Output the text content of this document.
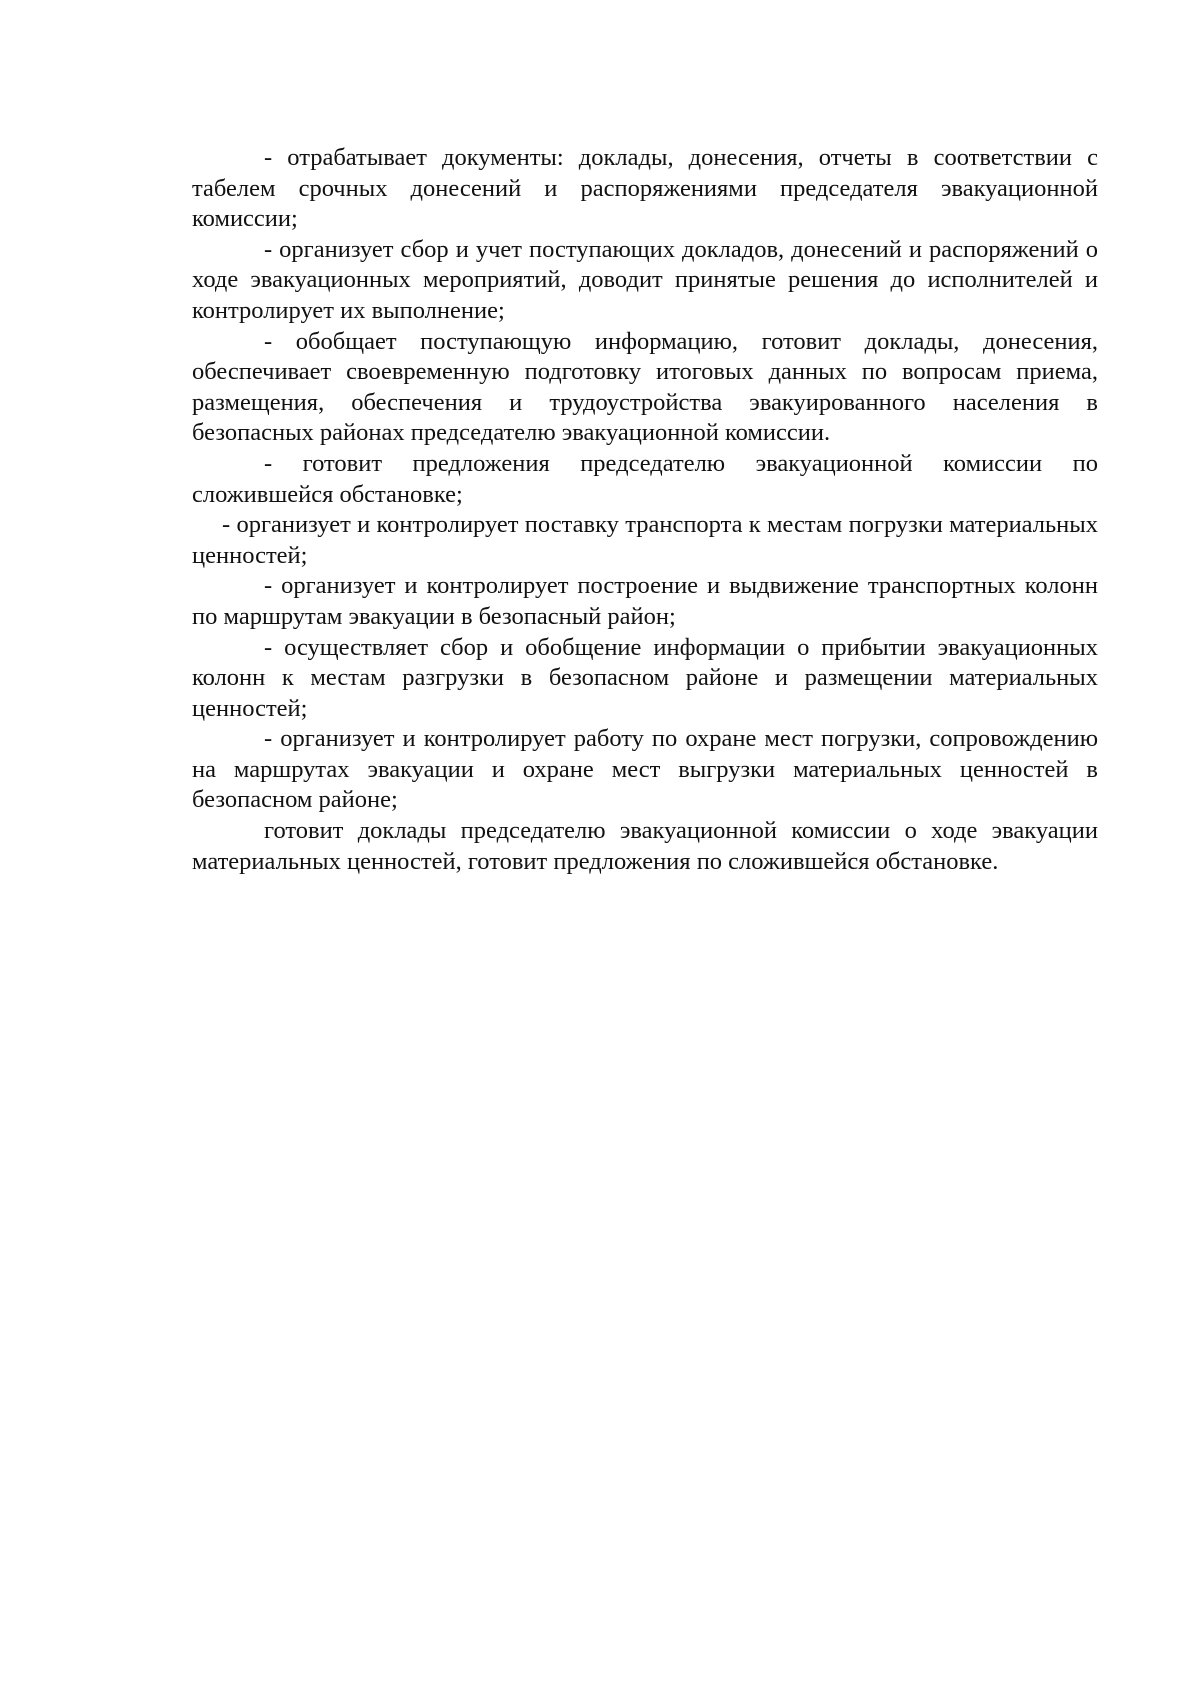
- отрабатывает документы: доклады, донесения, отчеты в соответствии с табелем срочных донесений и распоряжениями председателя эвакуационной комиссии;

- организует сбор и учет поступающих докладов, донесений и распоряжений о ходе эвакуационных мероприятий, доводит принятые решения до исполнителей и контролирует их выполнение;

- обобщает поступающую информацию, готовит доклады, донесения, обеспечивает своевременную подготовку итоговых данных по вопросам приема, размещения, обеспечения и трудоустройства эвакуированного населения в безопасных районах председателю эвакуационной комиссии.

- готовит предложения председателю эвакуационной комиссии по сложившейся обстановке;

- организует и контролирует поставку транспорта к местам погрузки материальных ценностей;

- организует и контролирует построение и выдвижение транспортных колонн по маршрутам эвакуации в безопасный район;

- осуществляет сбор и обобщение информации о прибытии эвакуационных колонн к местам разгрузки в безопасном районе и размещении материальных ценностей;

- организует и контролирует работу по охране мест погрузки, сопровождению на маршрутах эвакуации и охране мест выгрузки материальных ценностей в безопасном районе;

готовит доклады председателю эвакуационной комиссии о ходе эвакуации материальных ценностей, готовит предложения по сложившейся обстановке.
